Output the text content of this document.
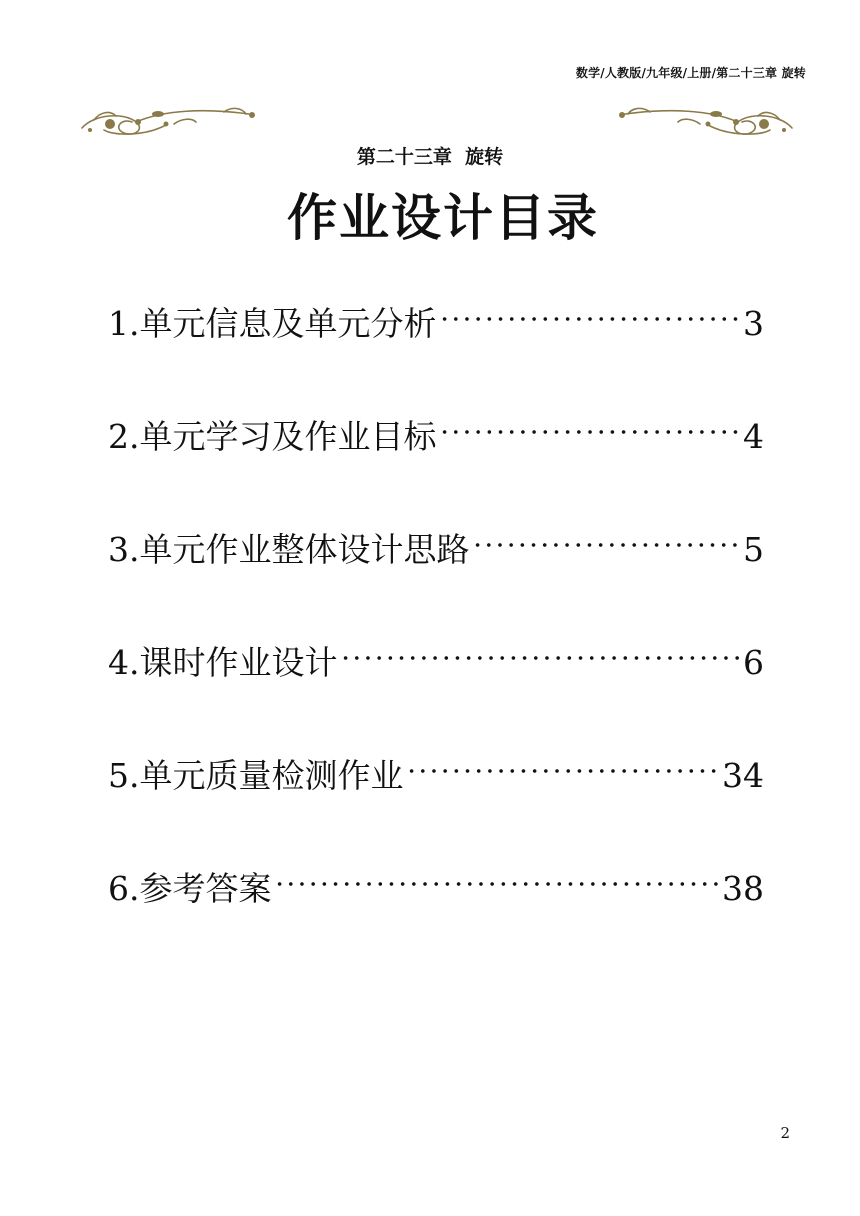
数学/人教版/九年级/上册/第二十三章 旋转
第二十三章  旋转
作业设计目录
1.单元信息及单元分析	3
2.单元学习及作业目标	4
3.单元作业整体设计思路	5
4.课时作业设计	6
5.单元质量检测作业	34
6.参考答案	38
2
